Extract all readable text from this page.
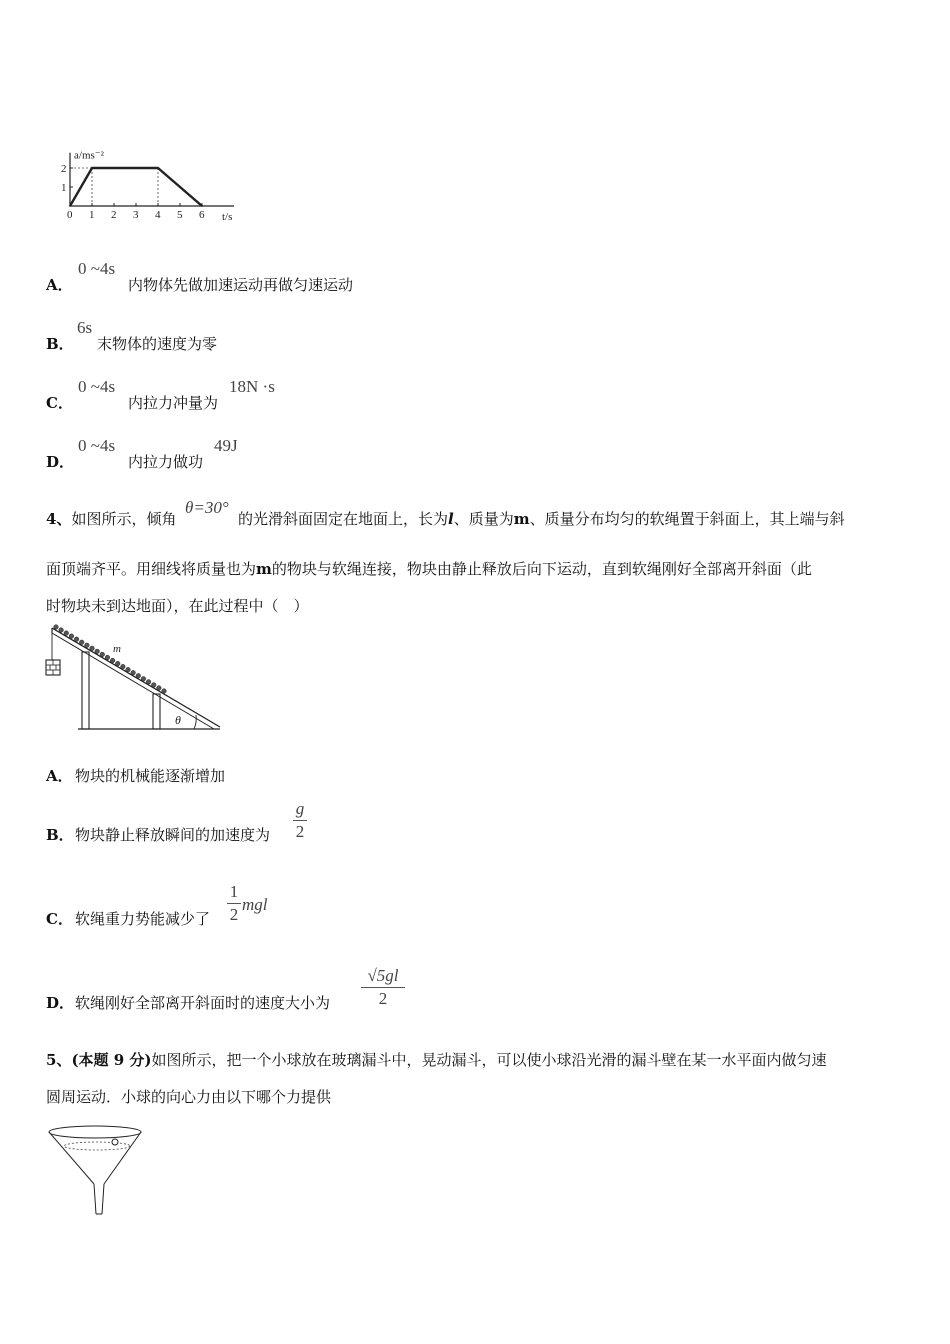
0 1 2 3 4 5 6
1
2
a/ms⁻²
t/s
A．
0 ~4s
内物体先做加速运动再做匀速运动
B．
6s
末物体的速度为零
C．
0 ~4s
内拉力冲量为
18N ·s
D．
0 ~4s
内拉力做功
49J
4、如图所示，倾角
θ=30°
的光滑斜面固定在地面上，长为l、质量为m、质量分布均匀的软绳置于斜面上，其上端与斜
面顶端齐平。用细线将质量也为m的物块与软绳连接，物块由静止释放后向下运动，直到软绳刚好全部离开斜面（此
时物块未到达地面），在此过程中（　）
m
θ
A． 物块的机械能逐渐增加
B． 物块静止释放瞬间的加速度为
g
2
C． 软绳重力势能减少了
1
2
mgl
D． 软绳刚好全部离开斜面时的速度大小为
√5gl
2
5、(本题 9 分)如图所示，把一个小球放在玻璃漏斗中，晃动漏斗，可以使小球沿光滑的漏斗壁在某一水平面内做匀速
圆周运动．小球的向心力由以下哪个力提供
